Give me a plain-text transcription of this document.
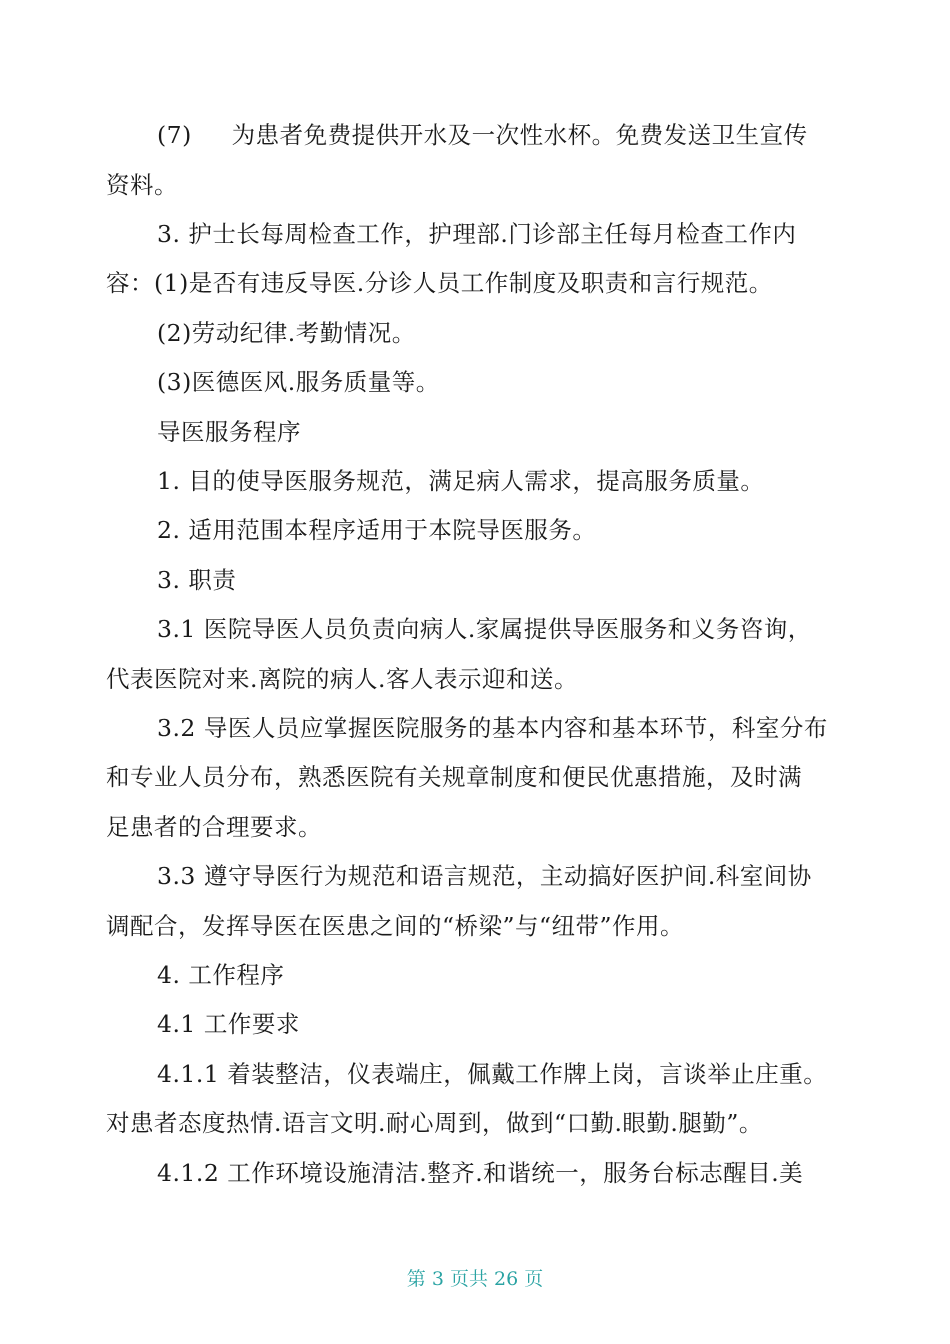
(7)     为患者免费提供开水及一次性水杯。免费发送卫生宣传
资料。
3. 护士长每周检查工作，护理部.门诊部主任每月检查工作内
容：(1)是否有违反导医.分诊人员工作制度及职责和言行规范。
(2)劳动纪律.考勤情况。
(3)医德医风.服务质量等。
导医服务程序
1. 目的使导医服务规范，满足病人需求，提高服务质量。
2. 适用范围本程序适用于本院导医服务。
3. 职责
3.1 医院导医人员负责向病人.家属提供导医服务和义务咨询，
代表医院对来.离院的病人.客人表示迎和送。
3.2 导医人员应掌握医院服务的基本内容和基本环节，科室分布
和专业人员分布，熟悉医院有关规章制度和便民优惠措施，及时满
足患者的合理要求。
3.3 遵守导医行为规范和语言规范，主动搞好医护间.科室间协
调配合，发挥导医在医患之间的“桥梁”与“纽带”作用。
4. 工作程序
4.1 工作要求
4.1.1 着装整洁，仪表端庄，佩戴工作牌上岗，言谈举止庄重。
对患者态度热情.语言文明.耐心周到，做到“口勤.眼勤.腿勤”。
4.1.2 工作环境设施清洁.整齐.和谐统一，服务台标志醒目.美
第 3 页共 26 页
